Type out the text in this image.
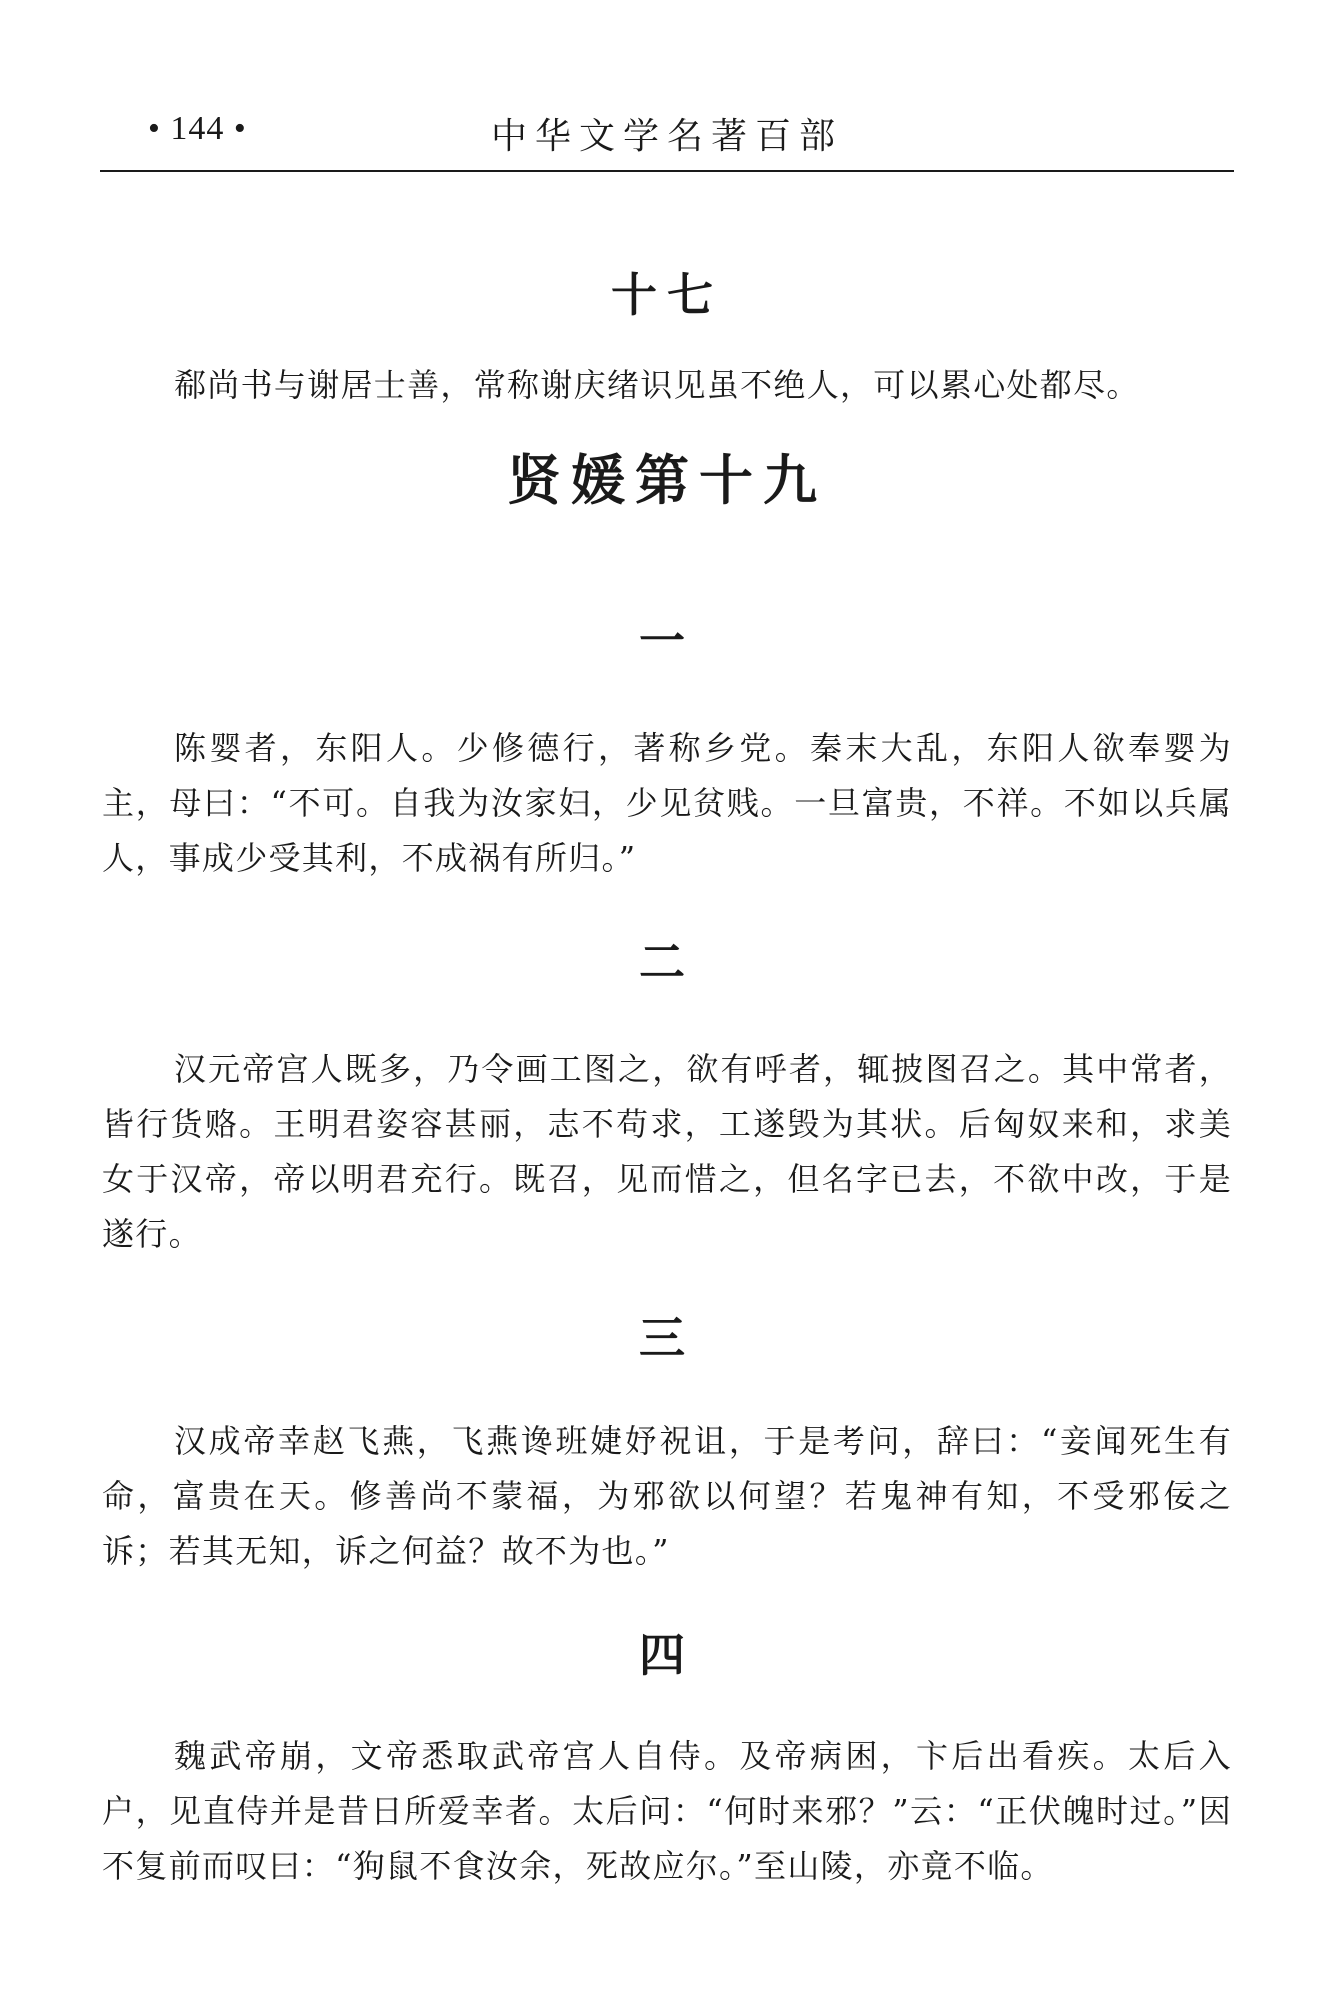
中华文学名著百部
• 144 •
十七

郗尚书与谢居士善，常称谢庆绪识见虽不绝人，可以累心处都尽。

贤媛第十九
一

陈婴者，东阳人。少修德行，著称乡党。秦末大乱，东阳人欲奉婴为主，母曰：“不可。自我为汝家妇，少见贫贱。一旦富贵，不祥。不如以兵属人，事成少受其利，不成祸有所归。”

二

汉元帝宫人既多，乃令画工图之，欲有呼者，辄披图召之。其中常者，皆行货赂。王明君姿容甚丽，志不苟求，工遂毁为其状。后匈奴来和，求美女于汉帝，帝以明君充行。既召，见而惜之，但名字已去，不欲中改，于是遂行。

三

汉成帝幸赵飞燕，飞燕谗班婕妤祝诅，于是考问，辞曰：“妾闻死生有命，富贵在天。修善尚不蒙福，为邪欲以何望？若鬼神有知，不受邪佞之诉；若其无知，诉之何益？故不为也。”

四

魏武帝崩，文帝悉取武帝宫人自侍。及帝病困，卞后出看疾。太后入户，见直侍并是昔日所爱幸者。太后问：“何时来邪？”云：“正伏魄时过。”因不复前而叹曰：“狗鼠不食汝余，死故应尔。”至山陵，亦竟不临。
